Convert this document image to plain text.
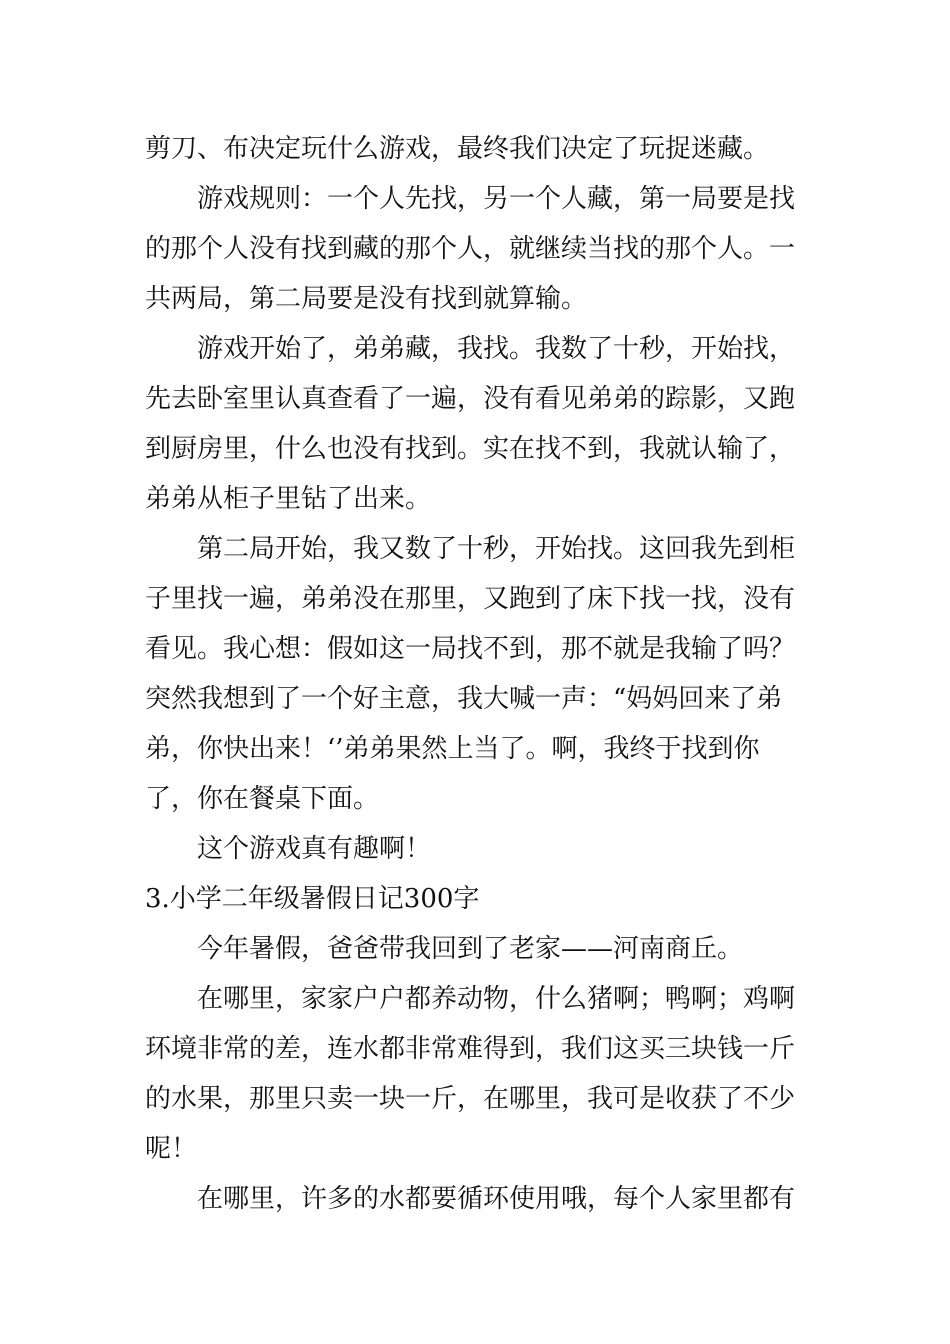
剪刀、布决定玩什么游戏，最终我们决定了玩捉迷藏。
游戏规则：一个人先找，另一个人藏，第一局要是找
的那个人没有找到藏的那个人，就继续当找的那个人。一
共两局，第二局要是没有找到就算输。
游戏开始了，弟弟藏，我找。我数了十秒，开始找，
先去卧室里认真查看了一遍，没有看见弟弟的踪影，又跑
到厨房里，什么也没有找到。实在找不到，我就认输了，
弟弟从柜子里钻了出来。
第二局开始，我又数了十秒，开始找。这回我先到柜
子里找一遍，弟弟没在那里，又跑到了床下找一找，没有
看见。我心想：假如这一局找不到，那不就是我输了吗？
突然我想到了一个好主意，我大喊一声：“妈妈回来了弟
弟，你快出来！‘’弟弟果然上当了。啊，我终于找到你
了，你在餐桌下面。
这个游戏真有趣啊！
3.小学二年级暑假日记300字
今年暑假，爸爸带我回到了老家——河南商丘。
在哪里，家家户户都养动物，什么猪啊；鸭啊；鸡啊
环境非常的差，连水都非常难得到，我们这买三块钱一斤
的水果，那里只卖一块一斤，在哪里，我可是收获了不少
呢！
在哪里，许多的水都要循环使用哦，每个人家里都有
